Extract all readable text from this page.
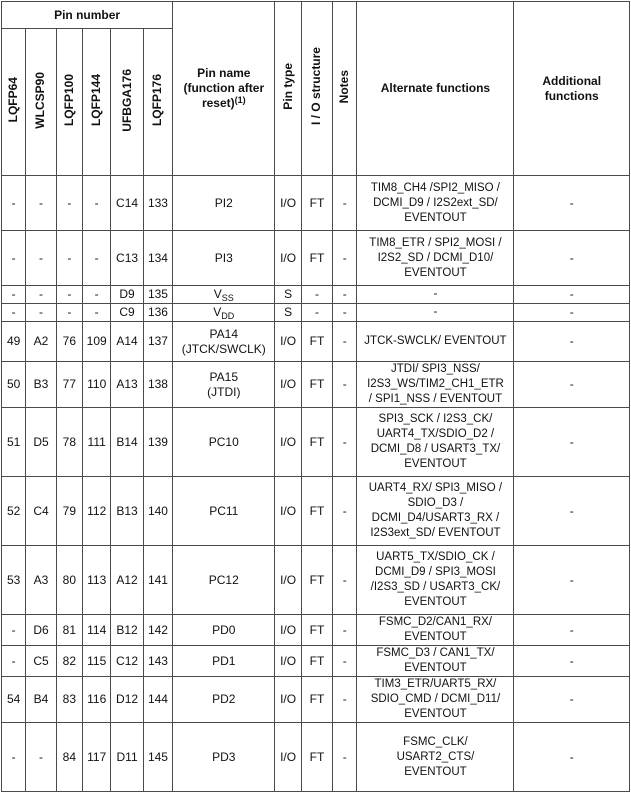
Pin number						Pin name
(function after
reset)$^{(1)}$	Pin type	I / O structure	Notes	Alternate functions	Additional functions
LQFP64	WLCSP90	LQFP100	LQFP144	UFBGA176	LQFP176						
-	-	-	-	C14	133	PI2	I/O	FT	-	TIM8_CH4 /SPI2_MISO /
DCMI_D9 / I2S2ext_SD/
EVENTOUT	-
-	-	-	-	C13	134	PI3	I/O	FT	-	TIM8_ETR / SPI2_MOSI /
I2S2_SD / DCMI_D10/
EVENTOUT	-
-	-	-	-	D9	135	$V_{SS}$	S	-	-	-	-
-	-	-	-	C9	136	$V_{DD}$	S	-	-	-	-
49	A2	76	109	A14	137	PA14
(JTCK/SWCLK)	I/O	FT	-	JTCK-SWCLK/ EVENTOUT	-
50	B3	77	110	A13	138	PA15
(JTDI)	I/O	FT	-	JTDI/ SPI3_NSS/
I2S3_WS/TIM2_CH1_ETR
/ SPI1_NSS / EVENTOUT	-
51	D5	78	111	B14	139	PC10	I/O	FT	-	SPI3_SCK / I2S3_CK/
UART4_TX/SDIO_D2 /
DCMI_D8 / USART3_TX/
EVENTOUT	-
52	C4	79	112	B13	140	PC11	I/O	FT	-	UART4_RX/ SPI3_MISO /
SDIO_D3 /
DCMI_D4/USART3_RX /
I2S3ext_SD/ EVENTOUT	-
53	A3	80	113	A12	141	PC12	I/O	FT	-	UART5_TX/SDIO_CK /
DCMI_D9 / SPI3_MOSI
/I2S3_SD / USART3_CK/
EVENTOUT	-
-	D6	81	114	B12	142	PD0	I/O	FT	-	FSMC_D2/CAN1_RX/
EVENTOUT	-
-	C5	82	115	C12	143	PD1	I/O	FT	-	FSMC_D3 / CAN1_TX/
EVENTOUT	-
54	B4	83	116	D12	144	PD2	I/O	FT	-	TIM3_ETR/UART5_RX/
SDIO_CMD / DCMI_D11/
EVENTOUT	-
-	-	84	117	D11	145	PD3	I/O	FT	-	FSMC_CLK/
USART2_CTS/
EVENTOUT	-
